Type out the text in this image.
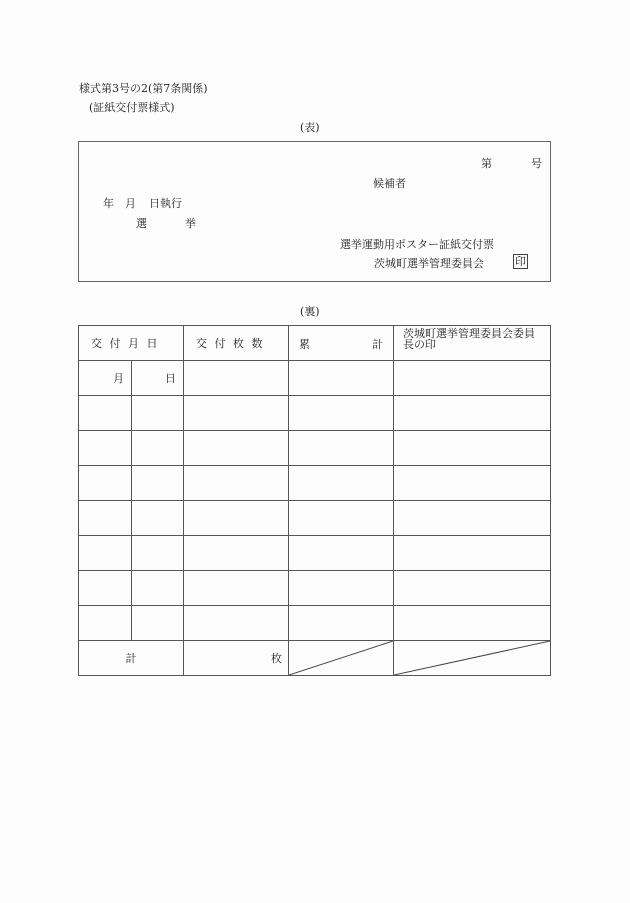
様式第3号の2(第7条関係)
(証紙交付票様式)
(表)
第	号
候補者
年 月 日執行
選	挙
選挙運動用ポスター証紙交付票
茨城町選挙管理委員会	印
(裏)
交 付 月 日		交 付 枚 数	累 計	茨城町選挙管理委員会委員長の印
月	日			

計		枚	
